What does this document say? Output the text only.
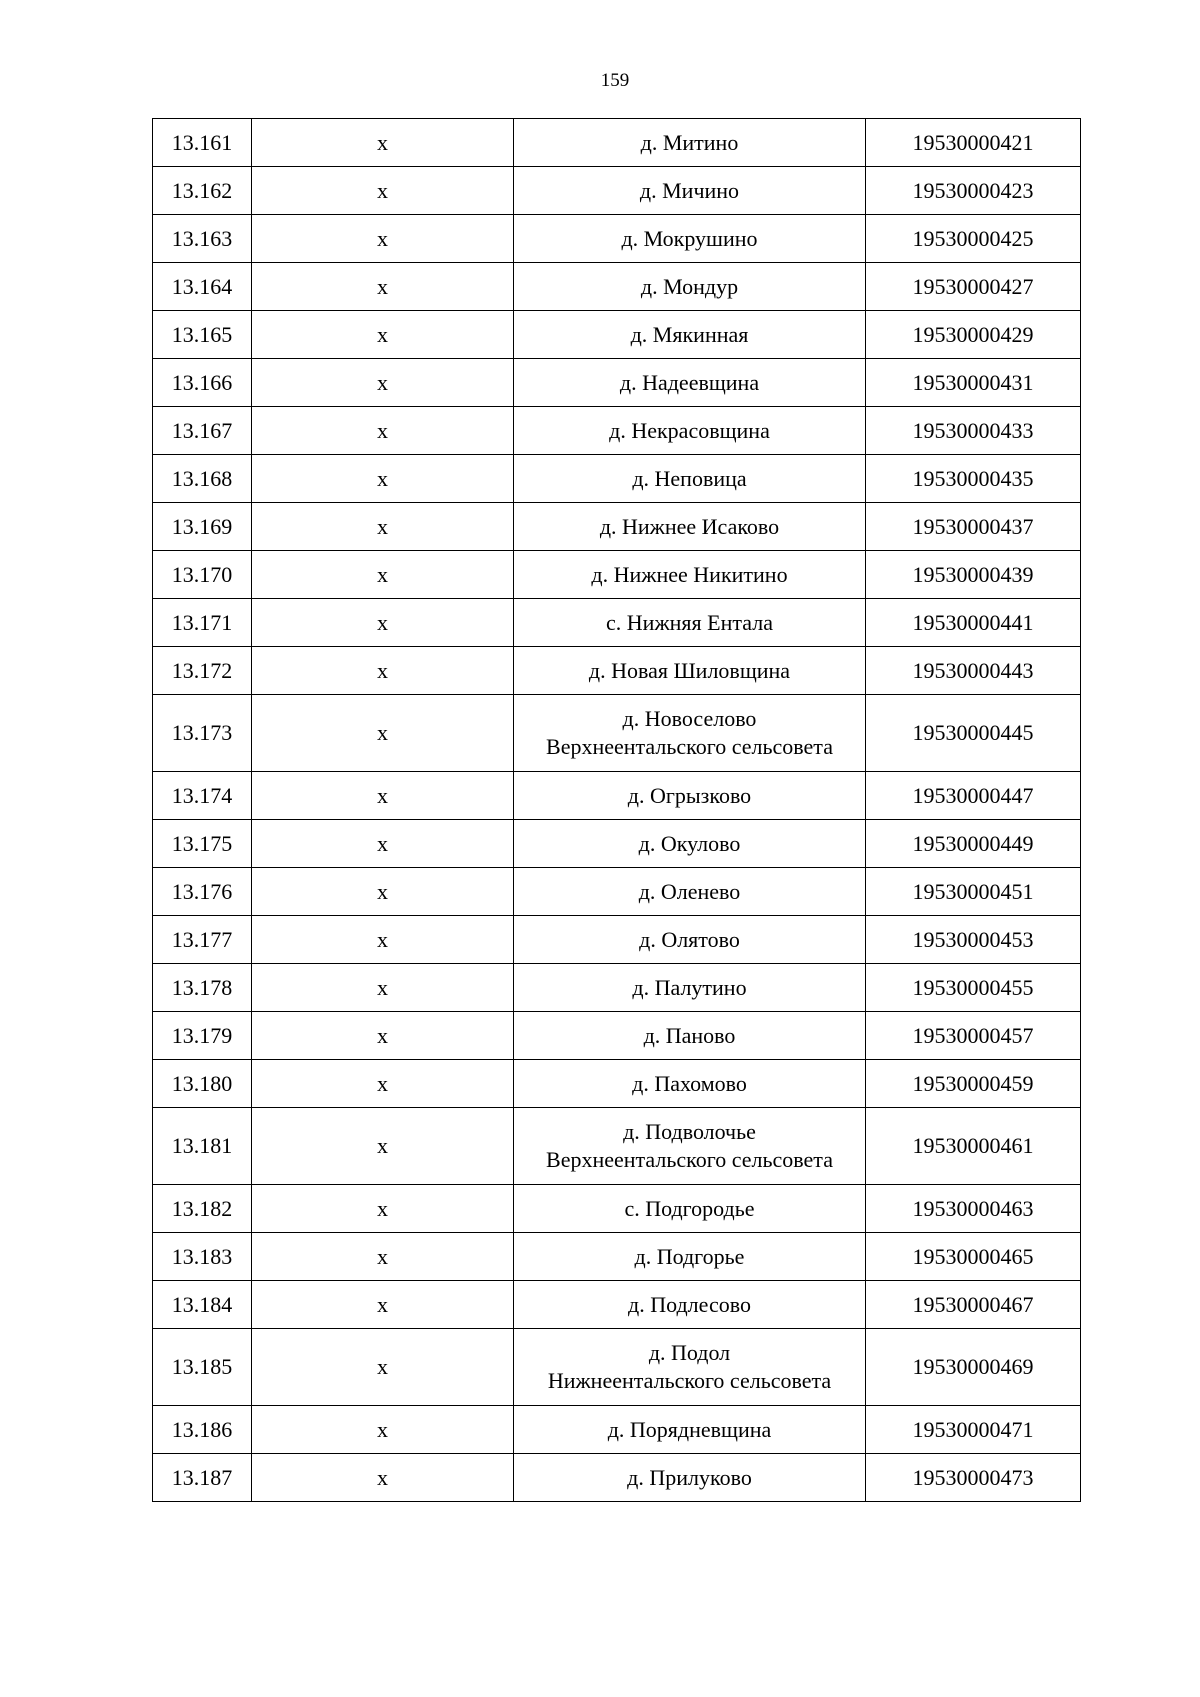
159
13.161	х	д. Митино	19530000421
13.162	х	д. Мичино	19530000423
13.163	х	д. Мокрушино	19530000425
13.164	х	д. Мондур	19530000427
13.165	х	д. Мякинная	19530000429
13.166	х	д. Надеевщина	19530000431
13.167	х	д. Некрасовщина	19530000433
13.168	х	д. Неповица	19530000435
13.169	х	д. Нижнее Исаково	19530000437
13.170	х	д. Нижнее Никитино	19530000439
13.171	х	с. Нижняя Ентала	19530000441
13.172	х	д. Новая Шиловщина	19530000443
13.173	х	д. Новоселово
Верхнеентальского сельсовета	19530000445
13.174	х	д. Огрызково	19530000447
13.175	х	д. Окулово	19530000449
13.176	х	д. Оленево	19530000451
13.177	х	д. Олятово	19530000453
13.178	х	д. Палутино	19530000455
13.179	х	д. Паново	19530000457
13.180	х	д. Пахомово	19530000459
13.181	х	д. Подволочье
Верхнеентальского сельсовета	19530000461
13.182	х	с. Подгородье	19530000463
13.183	х	д. Подгорье	19530000465
13.184	х	д. Подлесово	19530000467
13.185	х	д. Подол
Нижнеентальского сельсовета	19530000469
13.186	х	д. Порядневщина	19530000471
13.187	х	д. Прилуково	19530000473
